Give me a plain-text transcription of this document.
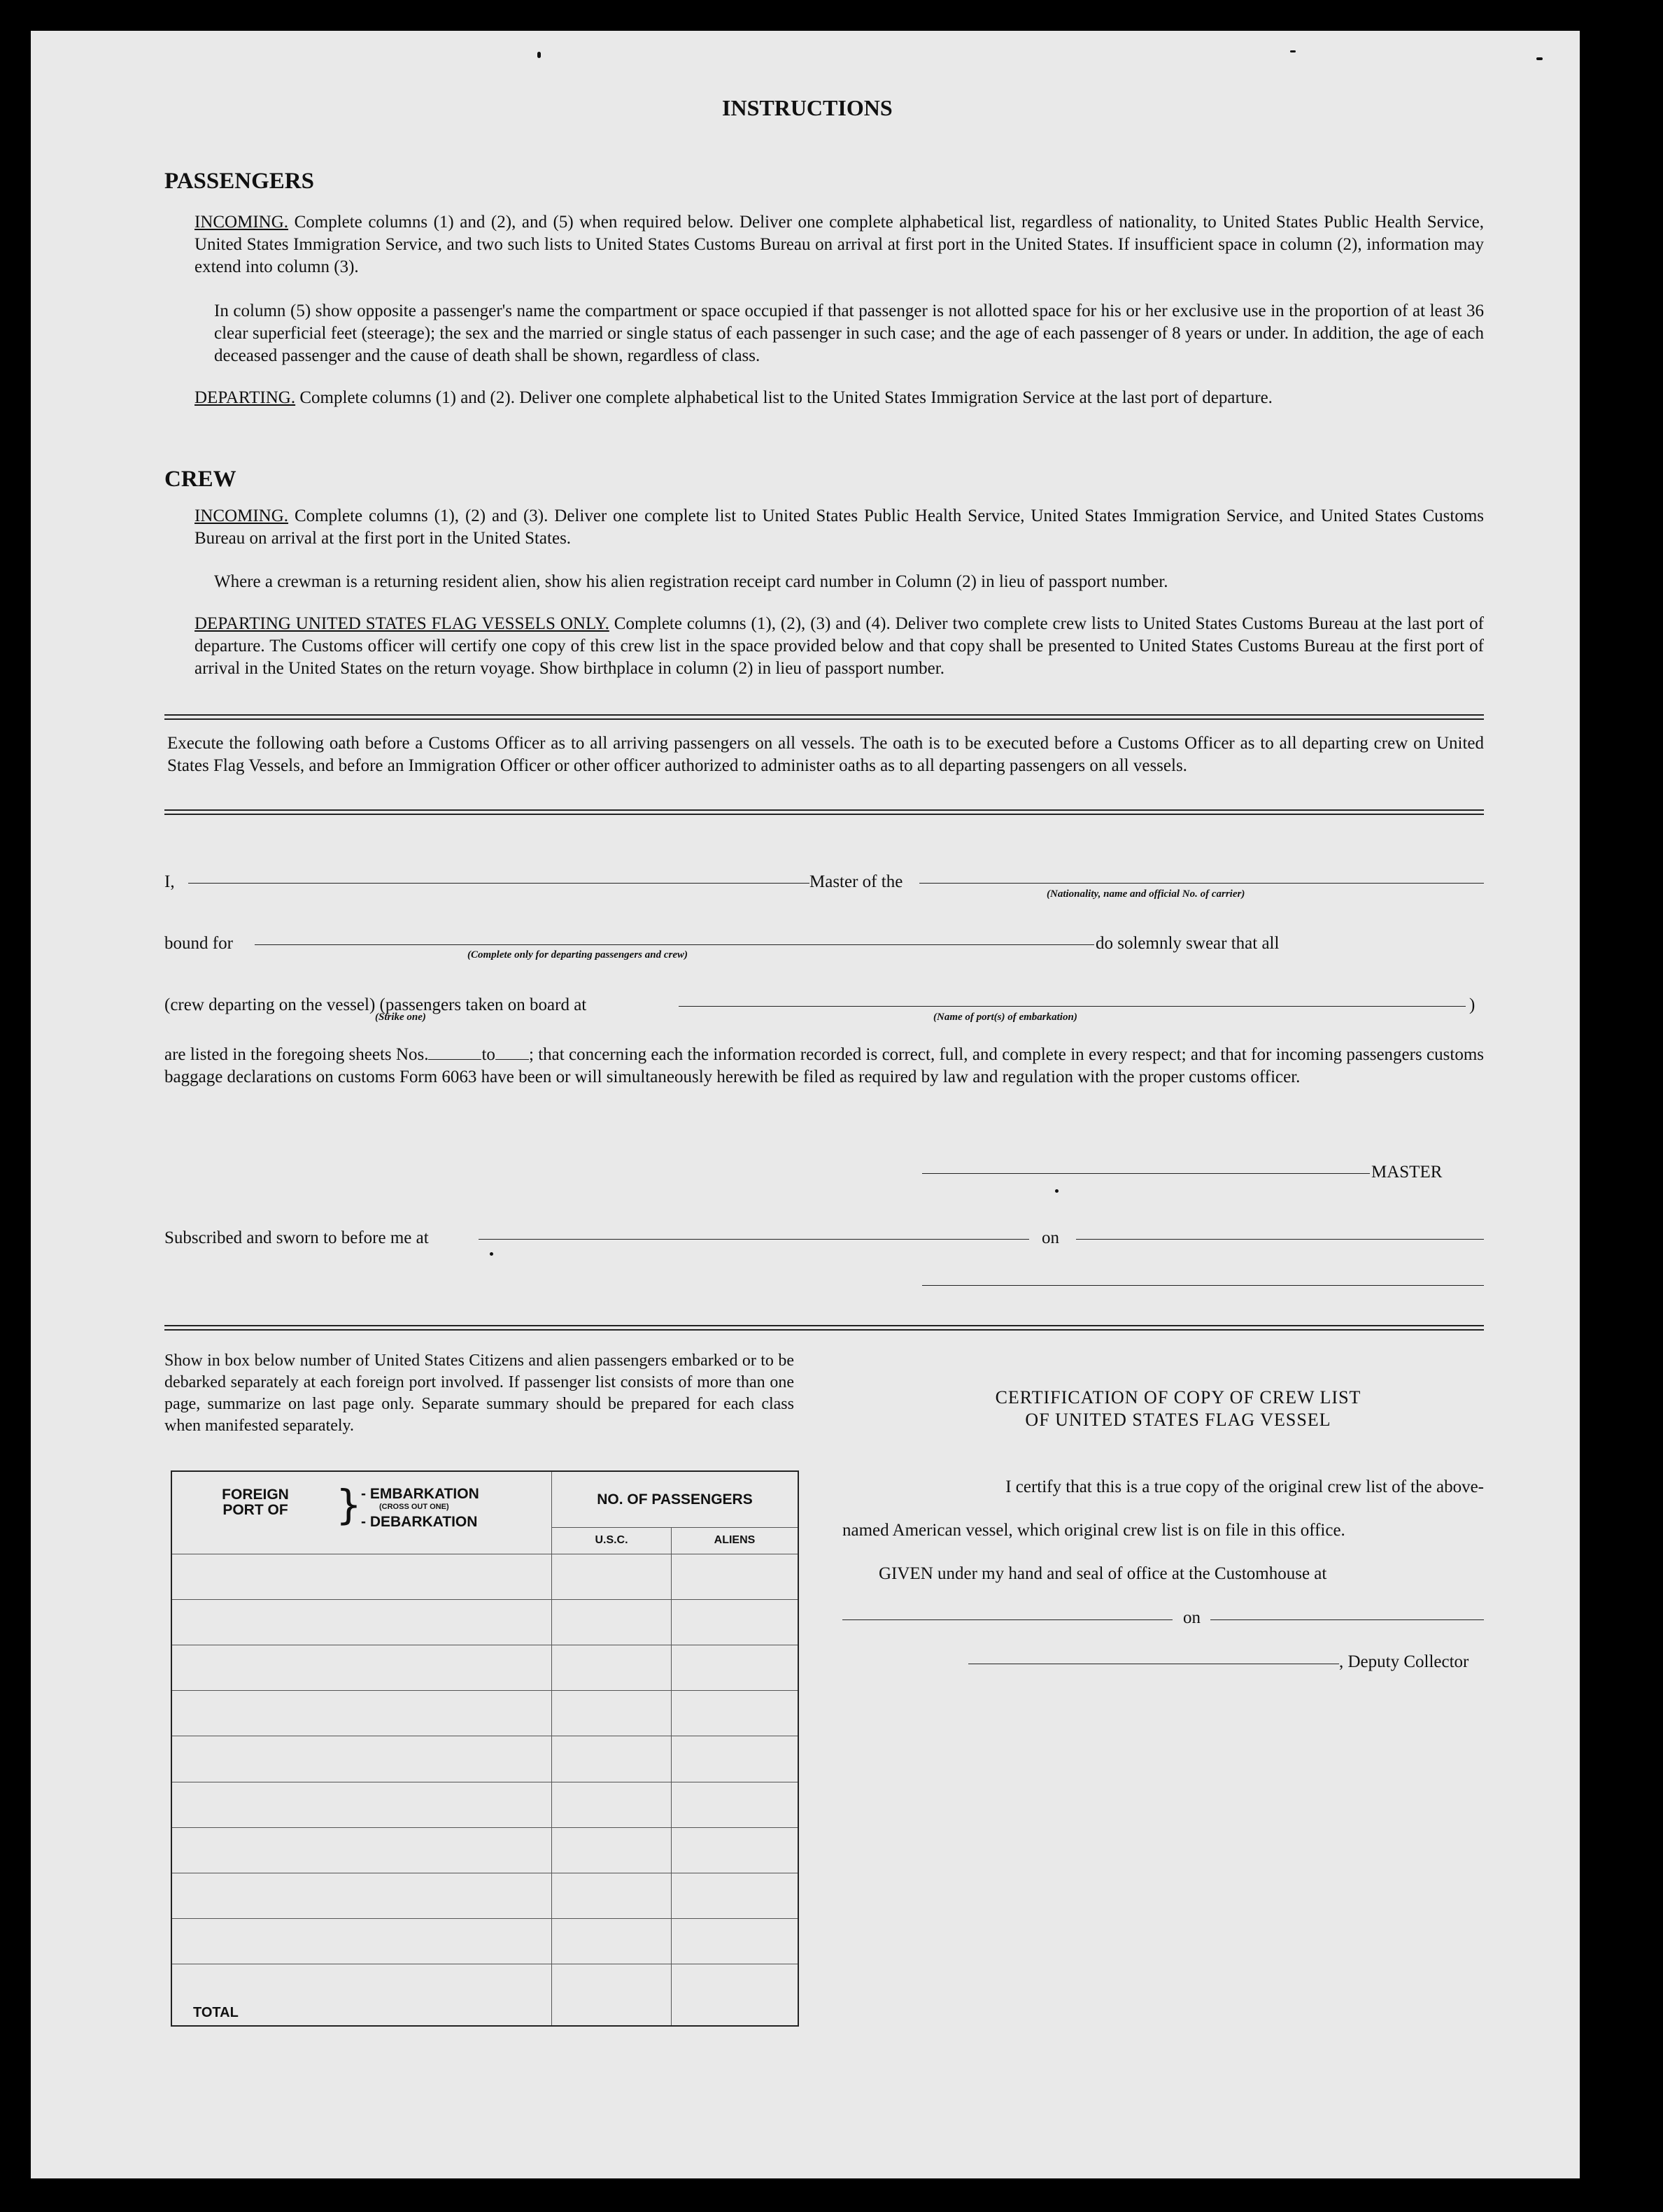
INSTRUCTIONS
PASSENGERS
INCOMING. Complete columns (1) and (2), and (5) when required below. Deliver one complete alphabetical list, regardless of nationality, to United States Public Health Service, United States Immigration Service, and two such lists to United States Customs Bureau on arrival at first port in the United States. If insufficient space in column (2), information may extend into column (3).
In column (5) show opposite a passenger's name the compartment or space occupied if that passenger is not allotted space for his or her exclusive use in the proportion of at least 36 clear superficial feet (steerage); the sex and the married or single status of each passenger in such case; and the age of each passenger of 8 years or under. In addition, the age of each deceased passenger and the cause of death shall be shown, regardless of class.
DEPARTING. Complete columns (1) and (2). Deliver one complete alphabetical list to the United States Immigration Service at the last port of departure.
CREW
INCOMING. Complete columns (1), (2) and (3). Deliver one complete list to United States Public Health Service, United States Immigration Service, and United States Customs Bureau on arrival at the first port in the United States.
Where a crewman is a returning resident alien, show his alien registration receipt card number in Column (2) in lieu of passport number.
DEPARTING UNITED STATES FLAG VESSELS ONLY. Complete columns (1), (2), (3) and (4). Deliver two complete crew lists to United States Customs Bureau at the last port of departure. The Customs officer will certify one copy of this crew list in the space provided below and that copy shall be presented to United States Customs Bureau at the first port of arrival in the United States on the return voyage. Show birthplace in column (2) in lieu of passport number.
Execute the following oath before a Customs Officer as to all arriving passengers on all vessels. The oath is to be executed before a Customs Officer as to all departing crew on United States Flag Vessels, and before an Immigration Officer or other officer authorized to administer oaths as to all departing passengers on all vessels.
I,	Master of the
(Nationality, name and official No. of carrier)
bound for
(Complete only for departing passengers and crew)
do solemnly swear that all
(crew departing on the vessel) (passengers taken on board at	)
(Strike one)	(Name of port(s) of embarkation)
are listed in the foregoing sheets Nos.	to ; that concerning each the information recorded is correct, full, and complete in every respect; and that for incoming passengers customs baggage declarations on customs Form 6063 have been or will simultaneously herewith be filed as required by law and regulation with the proper customs officer.
MASTER
Subscribed and sworn to before me at	on
Show in box below number of United States Citizens and alien passengers embarked or to be debarked separately at each foreign port involved. If passenger list consists of more than one page, summarize on last page only. Separate summary should be prepared for each class when manifested separately.
FOREIGN PORT OF } - EMBARKATION
(CROSS OUT ONE)
- DEBARKATION	NO. OF PASSENGERS	
	U.S.C.	ALIENS

TOTAL		

CERTIFICATION OF COPY OF CREW LIST
OF UNITED STATES FLAG VESSEL
I certify that this is a true copy of the original crew list of the above-
named American vessel, which original crew list is on file in this office.
GIVEN under my hand and seal of office at the Customhouse at
on
, Deputy Collector
